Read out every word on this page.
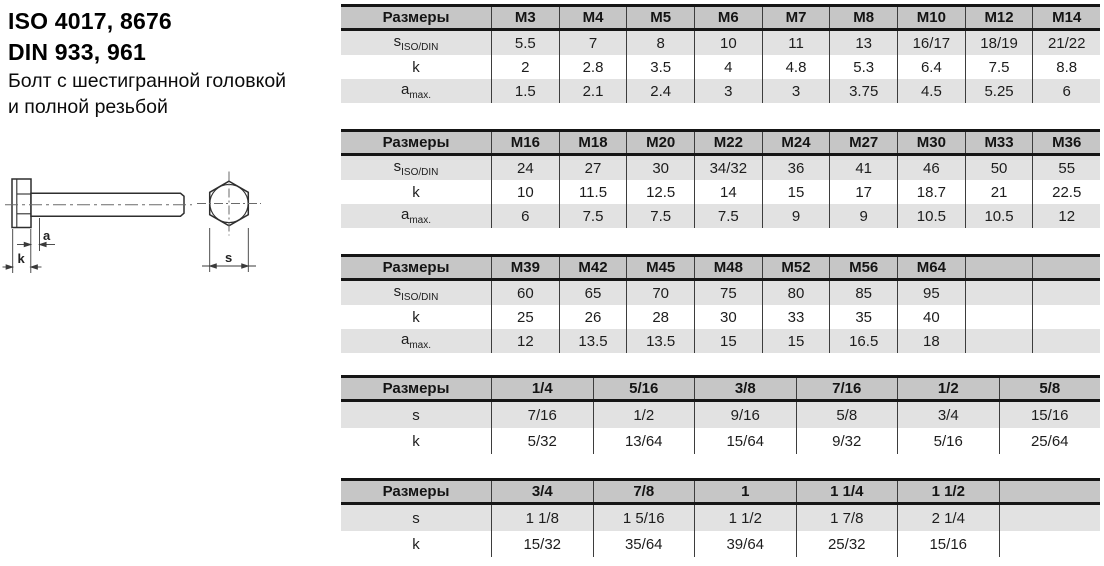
ISO 4017, 8676
DIN 933, 961
Болт с шестигранной головкой
и полной резьбой
a
k	s
Размеры	M3	M4	M5	M6	M7	M8	M10	M12	M14
$s_{ISO/DIN}$	5.5	7	8	10	11	13	16/17	18/19	21/22
k	2	2.8	3.5	4	4.8	5.3	6.4	7.5	8.8
$a_{max.}$	1.5	2.1	2.4	3	3	3.75	4.5	5.25	6
Размеры	M16	M18	M20	M22	M24	M27	M30	M33	M36
$s_{ISO/DIN}$	24	27	30	34/32	36	41	46	50	55
k	10	11.5	12.5	14	15	17	18.7	21	22.5
$a_{max.}$	6	7.5	7.5	7.5	9	9	10.5	10.5	12
Размеры	M39	M42	M45	M48	M52	M56	M64
$s_{ISO/DIN}$	60	65	70	75	80	85	95
k	25	26	28	30	33	35	40
$a_{max.}$	12	13.5	13.5	15	15	16.5	18
Размеры	1/4	5/16	3/8	7/16	1/2	5/8
s	7/16	1/2	9/16	5/8	3/4	15/16
k	5/32	13/64	15/64	9/32	5/16	25/64
Размеры	3/4	7/8	1	1 1/4	1 1/2
s	1 1/8	1 5/16	1 1/2	1 7/8	2 1/4
k	15/32	35/64	39/64	25/32	15/16
